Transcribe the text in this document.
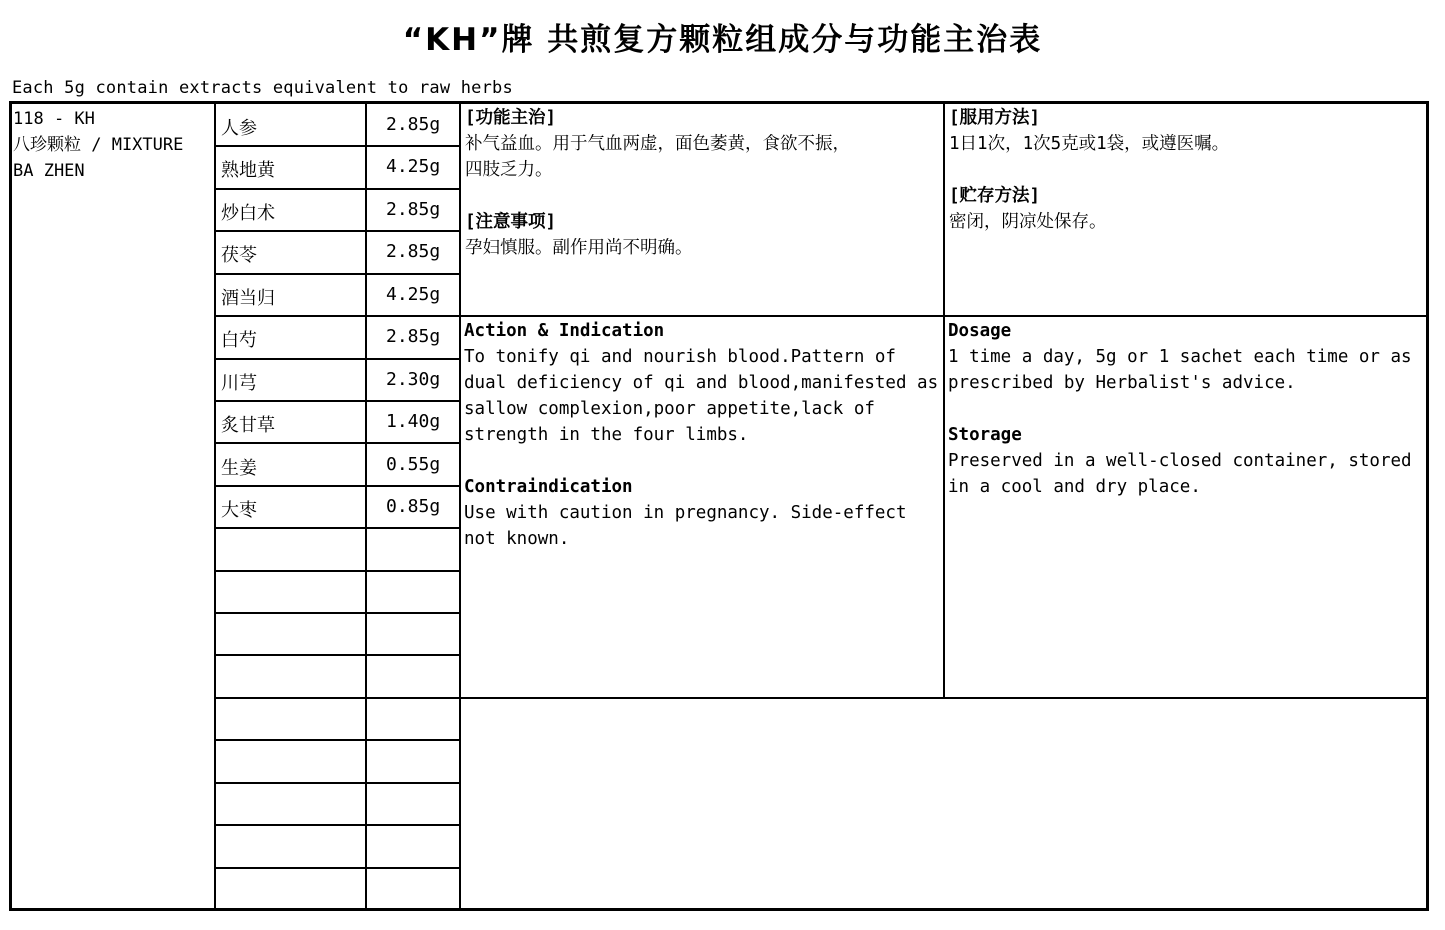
“KH”牌 共煎复方颗粒组成分与功能主治表
Each 5g contain extracts equivalent to raw herbs
118 - KH
八珍颗粒 / MIXTURE
BA ZHEN
人参	2.85g
熟地黄	4.25g
炒白术	2.85g
茯苓	2.85g
酒当归	4.25g
白芍	2.85g
川芎	2.30g
炙甘草	1.40g
生姜	0.55g
大枣	0.85g
[功能主治]
补气益血。用于气血两虚，面色萎黄，食欲不振，
四肢乏力。
[注意事项]
孕妇慎服。副作用尚不明确。
[服用方法]
1日1次，1次5克或1袋，或遵医嘱。
[贮存方法]
密闭，阴凉处保存。
Action & Indication
To tonify qi and nourish blood.Pattern of
dual deficiency of qi and blood,manifested as
sallow complexion,poor appetite,lack of
strength in the four limbs.
Contraindication
Use with caution in pregnancy. Side-effect
not known.
Dosage
1 time a day, 5g or 1 sachet each time or as
prescribed by Herbalist's advice.
Storage
Preserved in a well-closed container, stored
in a cool and dry place.
